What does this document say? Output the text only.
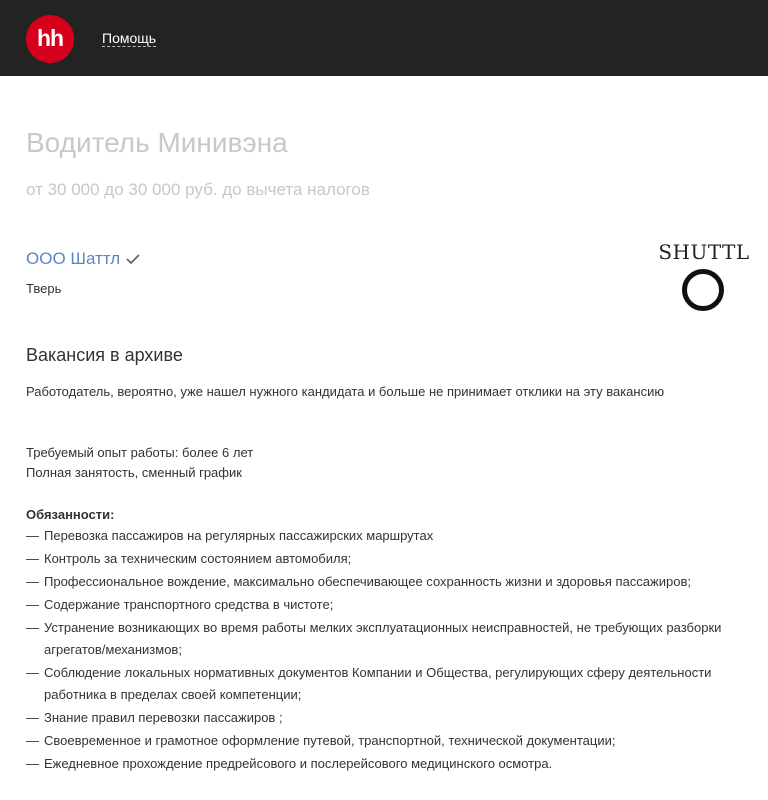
hh	Помощь
Водитель Минивэна
от 30 000 до 30 000 руб. до вычета налогов
ООО Шаттл
Тверь
SHUTTL
Вакансия в архиве
Работодатель, вероятно, уже нашел нужного кандидата и больше не принимает отклики на эту вакансию
Требуемый опыт работы: более 6 лет
Полная занятость, сменный график
Обязанности:
— Перевозка пассажиров на регулярных пассажирских маршрутах
— Контроль за техническим состоянием автомобиля;
— Профессиональное вождение, максимально обеспечивающее сохранность жизни и здоровья пассажиров;
— Содержание транспортного средства в чистоте;
— Устранение возникающих во время работы мелких эксплуатационных неисправностей, не требующих разборки агрегатов/механизмов;
— Соблюдение локальных нормативных документов Компании и Общества, регулирующих сферу деятельности работника в пределах своей компетенции;
— Знание правил перевозки пассажиров ;
— Своевременное и грамотное оформление путевой, транспортной, технической документации;
— Ежедневное прохождение предрейсового и послерейсового медицинского осмотра.
